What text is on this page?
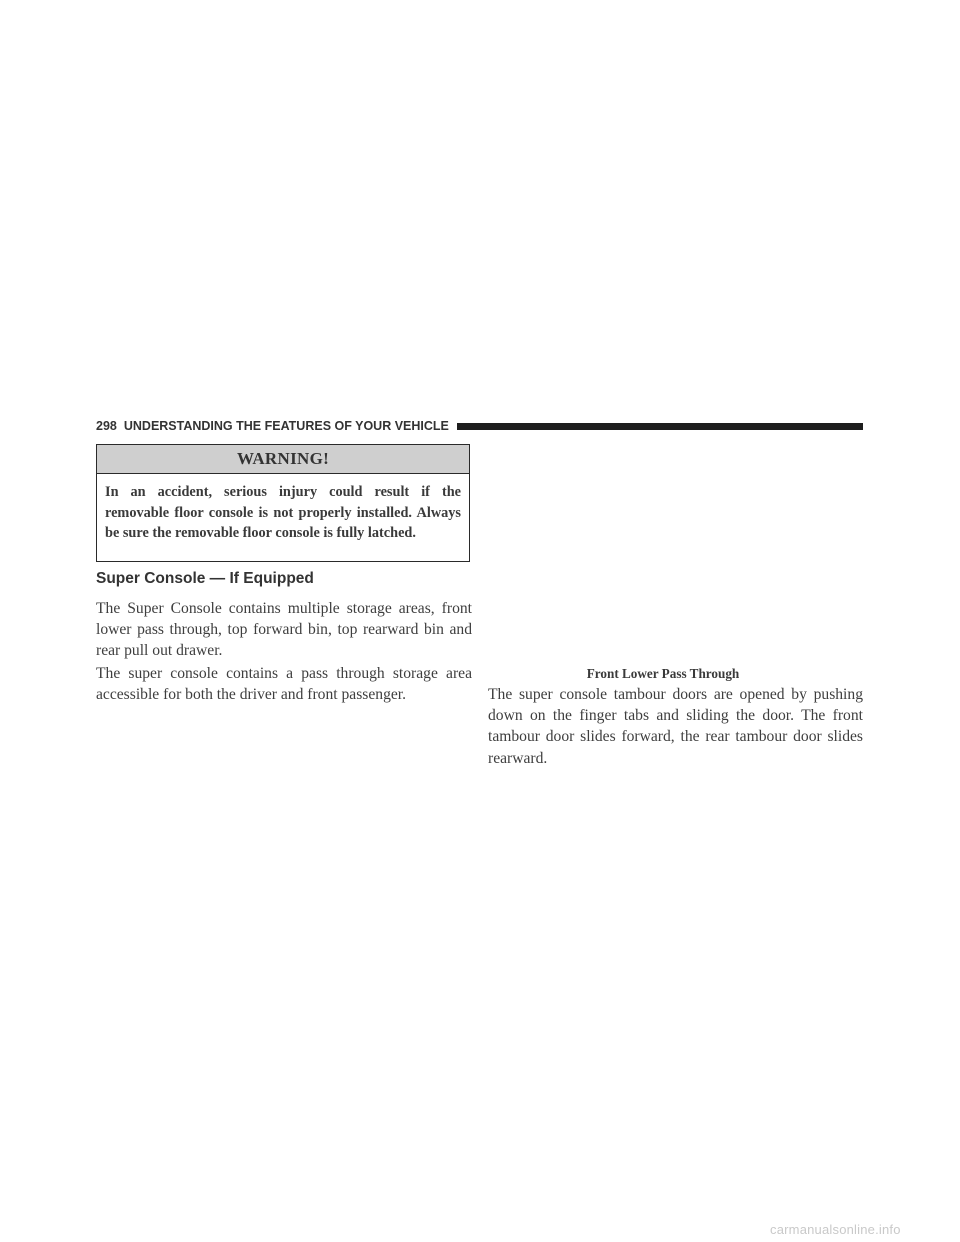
298 UNDERSTANDING THE FEATURES OF YOUR VEHICLE
WARNING!
In an accident, serious injury could result if the removable floor console is not properly installed. Always be sure the removable floor console is fully latched.
Super Console — If Equipped

The Super Console contains multiple storage areas, front lower pass through, top forward bin, top rearward bin and rear pull out drawer.

The super console contains a pass through storage area accessible for both the driver and front passenger.

Front Lower Pass Through

The super console tambour doors are opened by pushing down on the finger tabs and sliding the door. The front tambour door slides forward, the rear tambour door slides rearward.

carmanualsonline.info
